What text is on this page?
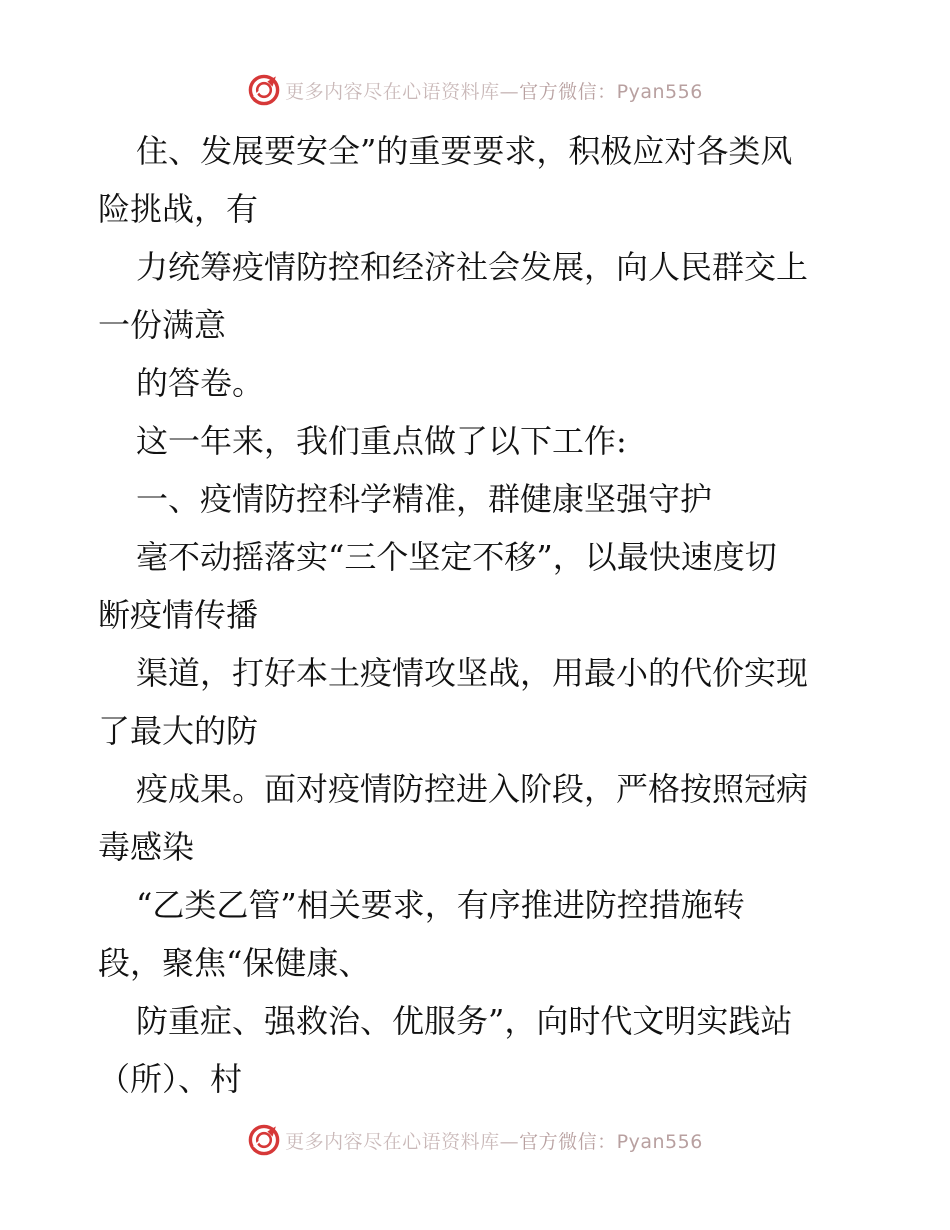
更多内容尽在心语资料库—官方微信：Pyan556
住、发展要安全”的重要要求，积极应对各类风
险挑战，有
力统筹疫情防控和经济社会发展，向人民群交上
一份满意
的答卷。
这一年来，我们重点做了以下工作:
一、疫情防控科学精准，群健康坚强守护
毫不动摇落实“三个坚定不移”，以最快速度切
断疫情传播
渠道，打好本土疫情攻坚战，用最小的代价实现
了最大的防
疫成果。面对疫情防控进入阶段，严格按照冠病
毒感染
“乙类乙管”相关要求，有序推进防控措施转
段，聚焦“保健康、
防重症、强救治、优服务”，向时代文明实践站
（所）、村
更多内容尽在心语资料库—官方微信：Pyan556
